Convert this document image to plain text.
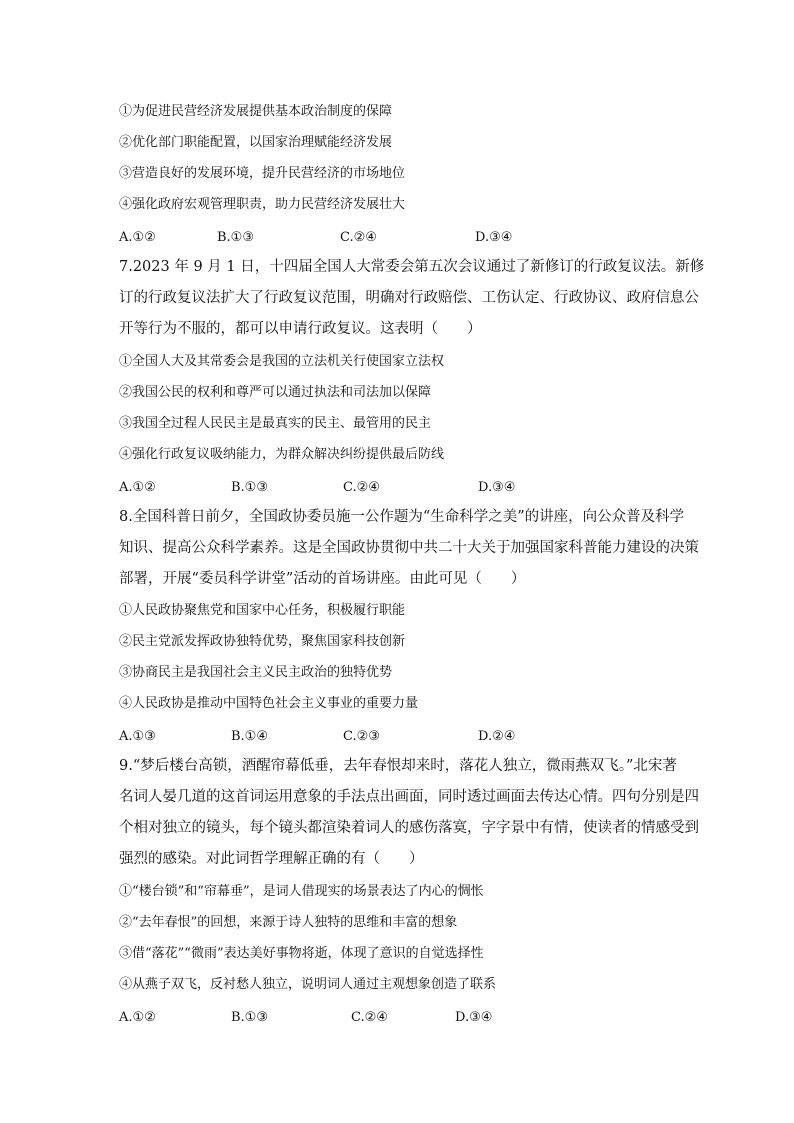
①为促进民营经济发展提供基本政治制度的保障

②优化部门职能配置，以国家治理赋能经济发展

③营造良好的发展环境，提升民营经济的市场地位

④强化政府宏观管理职责，助力民营经济发展壮大

A.①②	B.①③	C.②④	D.③④

7.2023 年 9 月 1 日，十四届全国人大常委会第五次会议通过了新修订的行政复议法。新修

订的行政复议法扩大了行政复议范围，明确对行政赔偿、工伤认定、行政协议、政府信息公

开等行为不服的，都可以申请行政复议。这表明（　　）

①全国人大及其常委会是我国的立法机关行使国家立法权

②我国公民的权利和尊严可以通过执法和司法加以保障

③我国全过程人民民主是最真实的民主、最管用的民主

④强化行政复议吸纳能力，为群众解决纠纷提供最后防线

A.①②	B.①③	C.②④	D.③④

8.全国科普日前夕，全国政协委员施一公作题为“生命科学之美”的讲座，向公众普及科学

知识、提高公众科学素养。这是全国政协贯彻中共二十大关于加强国家科普能力建设的决策

部署，开展“委员科学讲堂”活动的首场讲座。由此可见（　　）

①人民政协聚焦党和国家中心任务，积极履行职能

②民主党派发挥政协独特优势，聚焦国家科技创新

③协商民主是我国社会主义民主政治的独特优势

④人民政协是推动中国特色社会主义事业的重要力量

A.①③	B.①④	C.②③	D.②④

9.“梦后楼台高锁，酒醒帘幕低垂，去年春恨却来时，落花人独立，微雨燕双飞。”北宋著

名词人晏几道的这首词运用意象的手法点出画面，同时透过画面去传达心情。四句分别是四

个相对独立的镜头，每个镜头都渲染着词人的感伤落寞，字字景中有情，使读者的情感受到

强烈的感染。对此词哲学理解正确的有（　　）

①“楼台锁”和“帘幕垂”，是词人借现实的场景表达了内心的惆怅

②“去年春恨”的回想，来源于诗人独特的思维和丰富的想象

③借“落花”“微雨”表达美好事物将逝，体现了意识的自觉选择性

④从燕子双飞，反衬愁人独立，说明词人通过主观想象创造了联系

A.①②	B.①③	C.②④	D.③④
